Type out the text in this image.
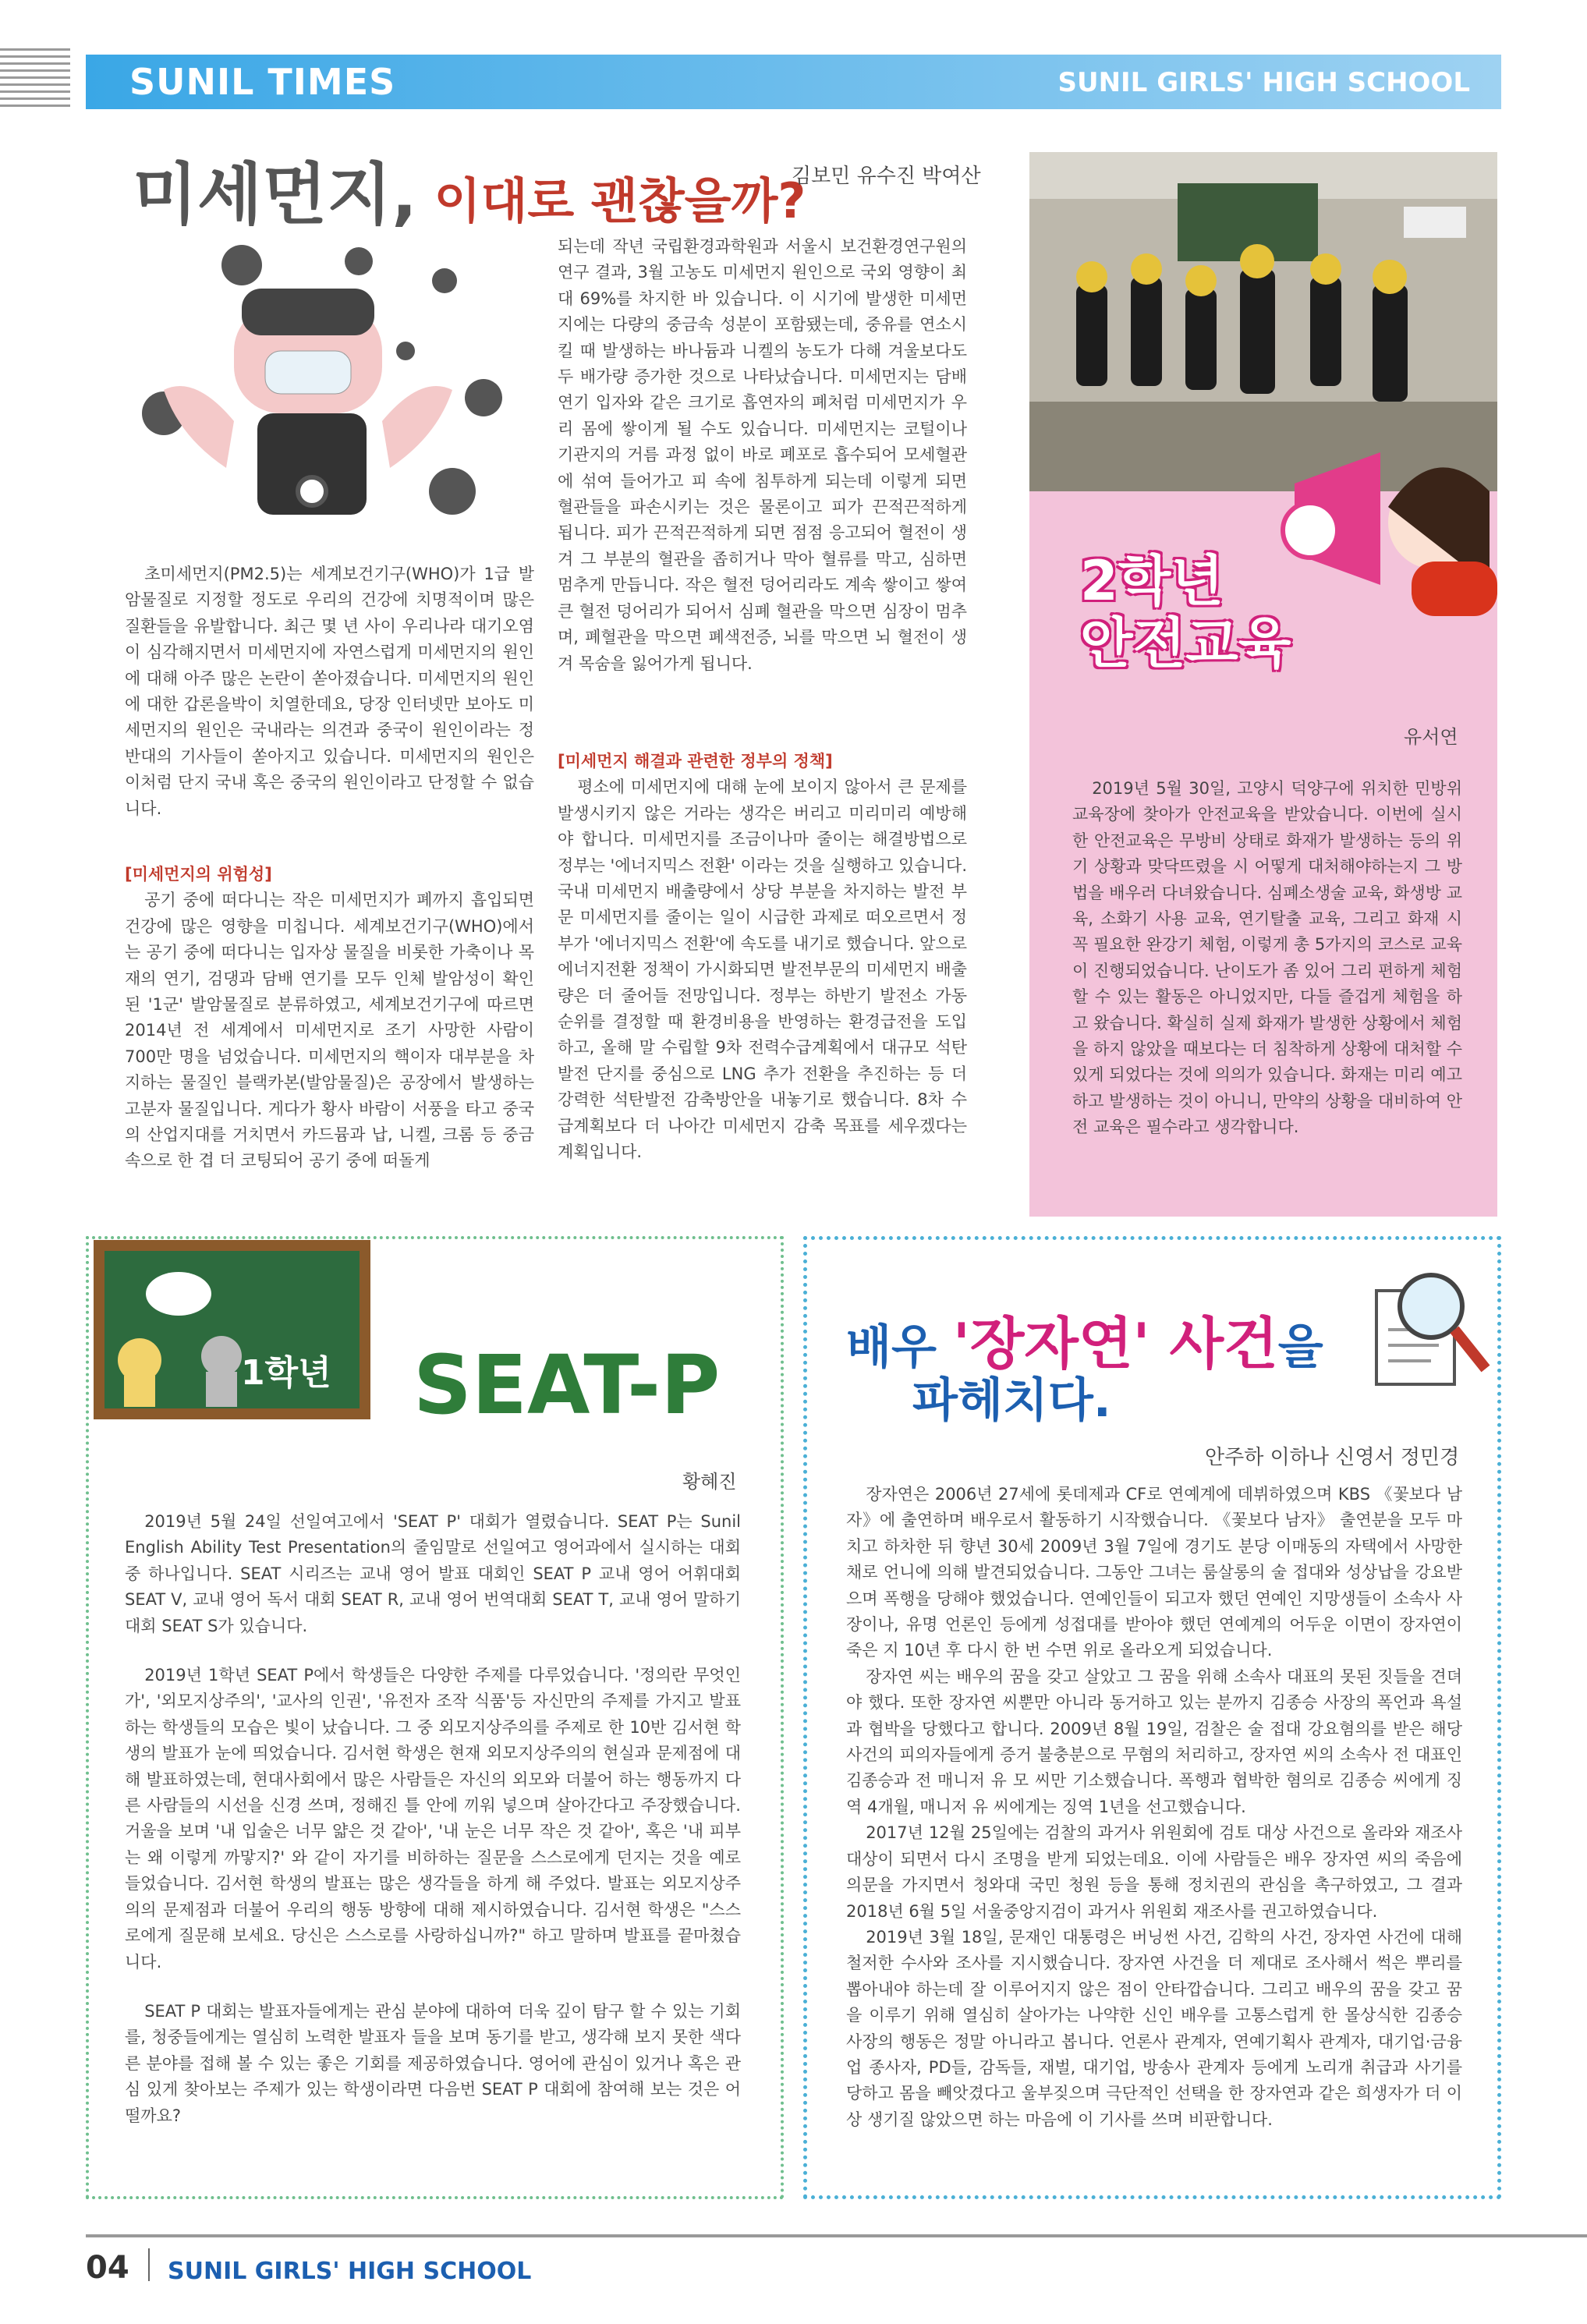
SUNIL TIMES	SUNIL GIRLS' HIGH SCHOOL
미세먼지, 이대로 괜찮을까?
김보민 유수진 박여산

초미세먼지(PM2.5)는 세계보건기구(WHO)가 1급 발암물질로 지정할 정도로 우리의 건강에 치명적이며 많은 질환들을 유발합니다. 최근 몇 년 사이 우리나라 대기오염이 심각해지면서 미세먼지에 자연스럽게 미세먼지의 원인에 대해 아주 많은 논란이 쏟아졌습니다. 미세먼지의 원인에 대한 갑론을박이 치열한데요, 당장 인터넷만 보아도 미세먼지의 원인은 국내라는 의견과 중국이 원인이라는 정반대의 기사들이 쏟아지고 있습니다. 미세먼지의 원인은 이처럼 단지 국내 혹은 중국의 원인이라고 단정할 수 없습니다.

[미세먼지의 위험성]

공기 중에 떠다니는 작은 미세먼지가 폐까지 흡입되면 건강에 많은 영향을 미칩니다. 세계보건기구(WHO)에서는 공기 중에 떠다니는 입자상 물질을 비롯한 가축이나 목재의 연기, 검댕과 담배 연기를 모두 인체 발암성이 확인된 '1군' 발암물질로 분류하였고, 세계보건기구에 따르면 2014년 전 세계에서 미세먼지로 조기 사망한 사람이 700만 명을 넘었습니다. 미세먼지의 핵이자 대부분을 차지하는 물질인 블랙카본(발암물질)은 공장에서 발생하는 고분자 물질입니다. 게다가 황사 바람이 서풍을 타고 중국의 산업지대를 거치면서 카드뮴과 납, 니켈, 크롬 등 중금속으로 한 겹 더 코팅되어 공기 중에 떠돌게

되는데 작년 국립환경과학원과 서울시 보건환경연구원의 연구 결과, 3월 고농도 미세먼지 원인으로 국외 영향이 최대 69%를 차지한 바 있습니다. 이 시기에 발생한 미세먼지에는 다량의 중금속 성분이 포함됐는데, 중유를 연소시킬 때 발생하는 바나듐과 니켈의 농도가 다해 겨울보다도 두 배가량 증가한 것으로 나타났습니다. 미세먼지는 담배 연기 입자와 같은 크기로 흡연자의 폐처럼 미세먼지가 우리 몸에 쌓이게 될 수도 있습니다. 미세먼지는 코털이나 기관지의 거름 과정 없이 바로 폐포로 흡수되어 모세혈관에 섞여 들어가고 피 속에 침투하게 되는데 이렇게 되면 혈관들을 파손시키는 것은 물론이고 피가 끈적끈적하게 됩니다. 피가 끈적끈적하게 되면 점점 응고되어 혈전이 생겨 그 부분의 혈관을 좁히거나 막아 혈류를 막고, 심하면 멈추게 만듭니다. 작은 혈전 덩어리라도 계속 쌓이고 쌓여 큰 혈전 덩어리가 되어서 심폐 혈관을 막으면 심장이 멈추며, 폐혈관을 막으면 폐색전증, 뇌를 막으면 뇌 혈전이 생겨 목숨을 잃어가게 됩니다.

[미세먼지 해결과 관련한 정부의 정책]

평소에 미세먼지에 대해 눈에 보이지 않아서 큰 문제를 발생시키지 않은 거라는 생각은 버리고 미리미리 예방해야 합니다. 미세먼지를 조금이나마 줄이는 해결방법으로 정부는 '에너지믹스 전환' 이라는 것을 실행하고 있습니다. 국내 미세먼지 배출량에서 상당 부분을 차지하는 발전 부문 미세먼지를 줄이는 일이 시급한 과제로 떠오르면서 정부가 '에너지믹스 전환'에 속도를 내기로 했습니다. 앞으로 에너지전환 정책이 가시화되면 발전부문의 미세먼지 배출량은 더 줄어들 전망입니다. 정부는 하반기 발전소 가동 순위를 결정할 때 환경비용을 반영하는 환경급전을 도입하고, 올해 말 수립할 9차 전력수급계획에서 대규모 석탄발전 단지를 중심으로 LNG 추가 전환을 추진하는 등 더 강력한 석탄발전 감축방안을 내놓기로 했습니다. 8차 수급계획보다 더 나아간 미세먼지 감축 목표를 세우겠다는 계획입니다.

2학년
안전교육
유서연

2019년 5월 30일, 고양시 덕양구에 위치한 민방위 교육장에 찾아가 안전교육을 받았습니다. 이번에 실시한 안전교육은 무방비 상태로 화재가 발생하는 등의 위기 상황과 맞닥뜨렸을 시 어떻게 대처해야하는지 그 방법을 배우러 다녀왔습니다. 심폐소생술 교육, 화생방 교육, 소화기 사용 교육, 연기탈출 교육, 그리고 화재 시 꼭 필요한 완강기 체험, 이렇게 총 5가지의 코스로 교육이 진행되었습니다. 난이도가 좀 있어 그리 편하게 체험할 수 있는 활동은 아니었지만, 다들 즐겁게 체험을 하고 왔습니다. 확실히 실제 화재가 발생한 상황에서 체험을 하지 않았을 때보다는 더 침착하게 상황에 대처할 수 있게 되었다는 것에 의의가 있습니다. 화재는 미리 예고하고 발생하는 것이 아니니, 만약의 상황을 대비하여 안전 교육은 필수라고 생각합니다.

1학년 SEAT-P
황혜진

2019년 5월 24일 선일여고에서 'SEAT P' 대회가 열렸습니다. SEAT P는 Sunil English Ability Test Presentation의 줄임말로 선일여고 영어과에서 실시하는 대회 중 하나입니다. SEAT 시리즈는 교내 영어 발표 대회인 SEAT P 교내 영어 어휘대회 SEAT V, 교내 영어 독서 대회 SEAT R, 교내 영어 번역대회 SEAT T, 교내 영어 말하기대회 SEAT S가 있습니다.

2019년 1학년 SEAT P에서 학생들은 다양한 주제를 다루었습니다. '정의란 무엇인가', '외모지상주의', '교사의 인권', '유전자 조작 식품'등 자신만의 주제를 가지고 발표하는 학생들의 모습은 빛이 났습니다. 그 중 외모지상주의를 주제로 한 10반 김서현 학생의 발표가 눈에 띄었습니다. 김서현 학생은 현재 외모지상주의의 현실과 문제점에 대해 발표하였는데, 현대사회에서 많은 사람들은 자신의 외모와 더불어 하는 행동까지 다른 사람들의 시선을 신경 쓰며, 정해진 틀 안에 끼워 넣으며 살아간다고 주장했습니다. 거울을 보며 '내 입술은 너무 얇은 것 같아', '내 눈은 너무 작은 것 같아', 혹은 '내 피부는 왜 이렇게 까맣지?' 와 같이 자기를 비하하는 질문을 스스로에게 던지는 것을 예로 들었습니다. 김서현 학생의 발표는 많은 생각들을 하게 해 주었다. 발표는 외모지상주의의 문제점과 더불어 우리의 행동 방향에 대해 제시하였습니다. 김서현 학생은 "스스로에게 질문해 보세요. 당신은 스스로를 사랑하십니까?" 하고 말하며 발표를 끝마쳤습니다.

SEAT P 대회는 발표자들에게는 관심 분야에 대하여 더욱 깊이 탐구 할 수 있는 기회를, 청중들에게는 열심히 노력한 발표자 들을 보며 동기를 받고, 생각해 보지 못한 색다른 분야를 접해 볼 수 있는 좋은 기회를 제공하였습니다. 영어에 관심이 있거나 혹은 관심 있게 찾아보는 주제가 있는 학생이라면 다음번 SEAT P 대회에 참여해 보는 것은 어떨까요?

배우 '장자연' 사건을
파헤치다.
안주하 이하나 신영서 정민경

장자연은 2006년 27세에 롯데제과 CF로 연예계에 데뷔하였으며 KBS 《꽃보다 남자》에 출연하며 배우로서 활동하기 시작했습니다. 《꽃보다 남자》 출연분을 모두 마치고 하차한 뒤 향년 30세 2009년 3월 7일에 경기도 분당 이매동의 자택에서 사망한 채로 언니에 의해 발견되었습니다. 그동안 그녀는 룸살롱의 술 접대와 성상납을 강요받으며 폭행을 당해야 했었습니다. 연예인들이 되고자 했던 연예인 지망생들이 소속사 사장이나, 유명 언론인 등에게 성접대를 받아야 했던 연예계의 어두운 이면이 장자연이 죽은 지 10년 후 다시 한 번 수면 위로 올라오게 되었습니다.

장자연 씨는 배우의 꿈을 갖고 살았고 그 꿈을 위해 소속사 대표의 못된 짓들을 견뎌야 했다. 또한 장자연 씨뿐만 아니라 동거하고 있는 분까지 김종승 사장의 폭언과 욕설과 협박을 당했다고 합니다. 2009년 8월 19일, 검찰은 술 접대 강요혐의를 받은 해당 사건의 피의자들에게 증거 불충분으로 무혐의 처리하고, 장자연 씨의 소속사 전 대표인 김종승과 전 매니저 유 모 씨만 기소했습니다. 폭행과 협박한 혐의로 김종승 씨에게 징역 4개월, 매니저 유 씨에게는 징역 1년을 선고했습니다.

2017년 12월 25일에는 검찰의 과거사 위원회에 검토 대상 사건으로 올라와 재조사 대상이 되면서 다시 조명을 받게 되었는데요. 이에 사람들은 배우 장자연 씨의 죽음에 의문을 가지면서 청와대 국민 청원 등을 통해 정치권의 관심을 촉구하였고, 그 결과 2018년 6월 5일 서울중앙지검이 과거사 위원회 재조사를 권고하였습니다.

2019년 3월 18일, 문재인 대통령은 버닝썬 사건, 김학의 사건, 장자연 사건에 대해 철저한 수사와 조사를 지시했습니다. 장자연 사건을 더 제대로 조사해서 썩은 뿌리를 뽑아내야 하는데 잘 이루어지지 않은 점이 안타깝습니다. 그리고 배우의 꿈을 갖고 꿈을 이루기 위해 열심히 살아가는 나약한 신인 배우를 고통스럽게 한 몰상식한 김종승 사장의 행동은 정말 아니라고 봅니다. 언론사 관계자, 연예기획사 관계자, 대기업·금융업 종사자, PD들, 감독들, 재벌, 대기업, 방송사 관계자 등에게 노리개 취급과 사기를 당하고 몸을 빼앗겼다고 울부짖으며 극단적인 선택을 한 장자연과 같은 희생자가 더 이상 생기질 않았으면 하는 마음에 이 기사를 쓰며 비판합니다.

04 SUNIL GIRLS' HIGH SCHOOL
